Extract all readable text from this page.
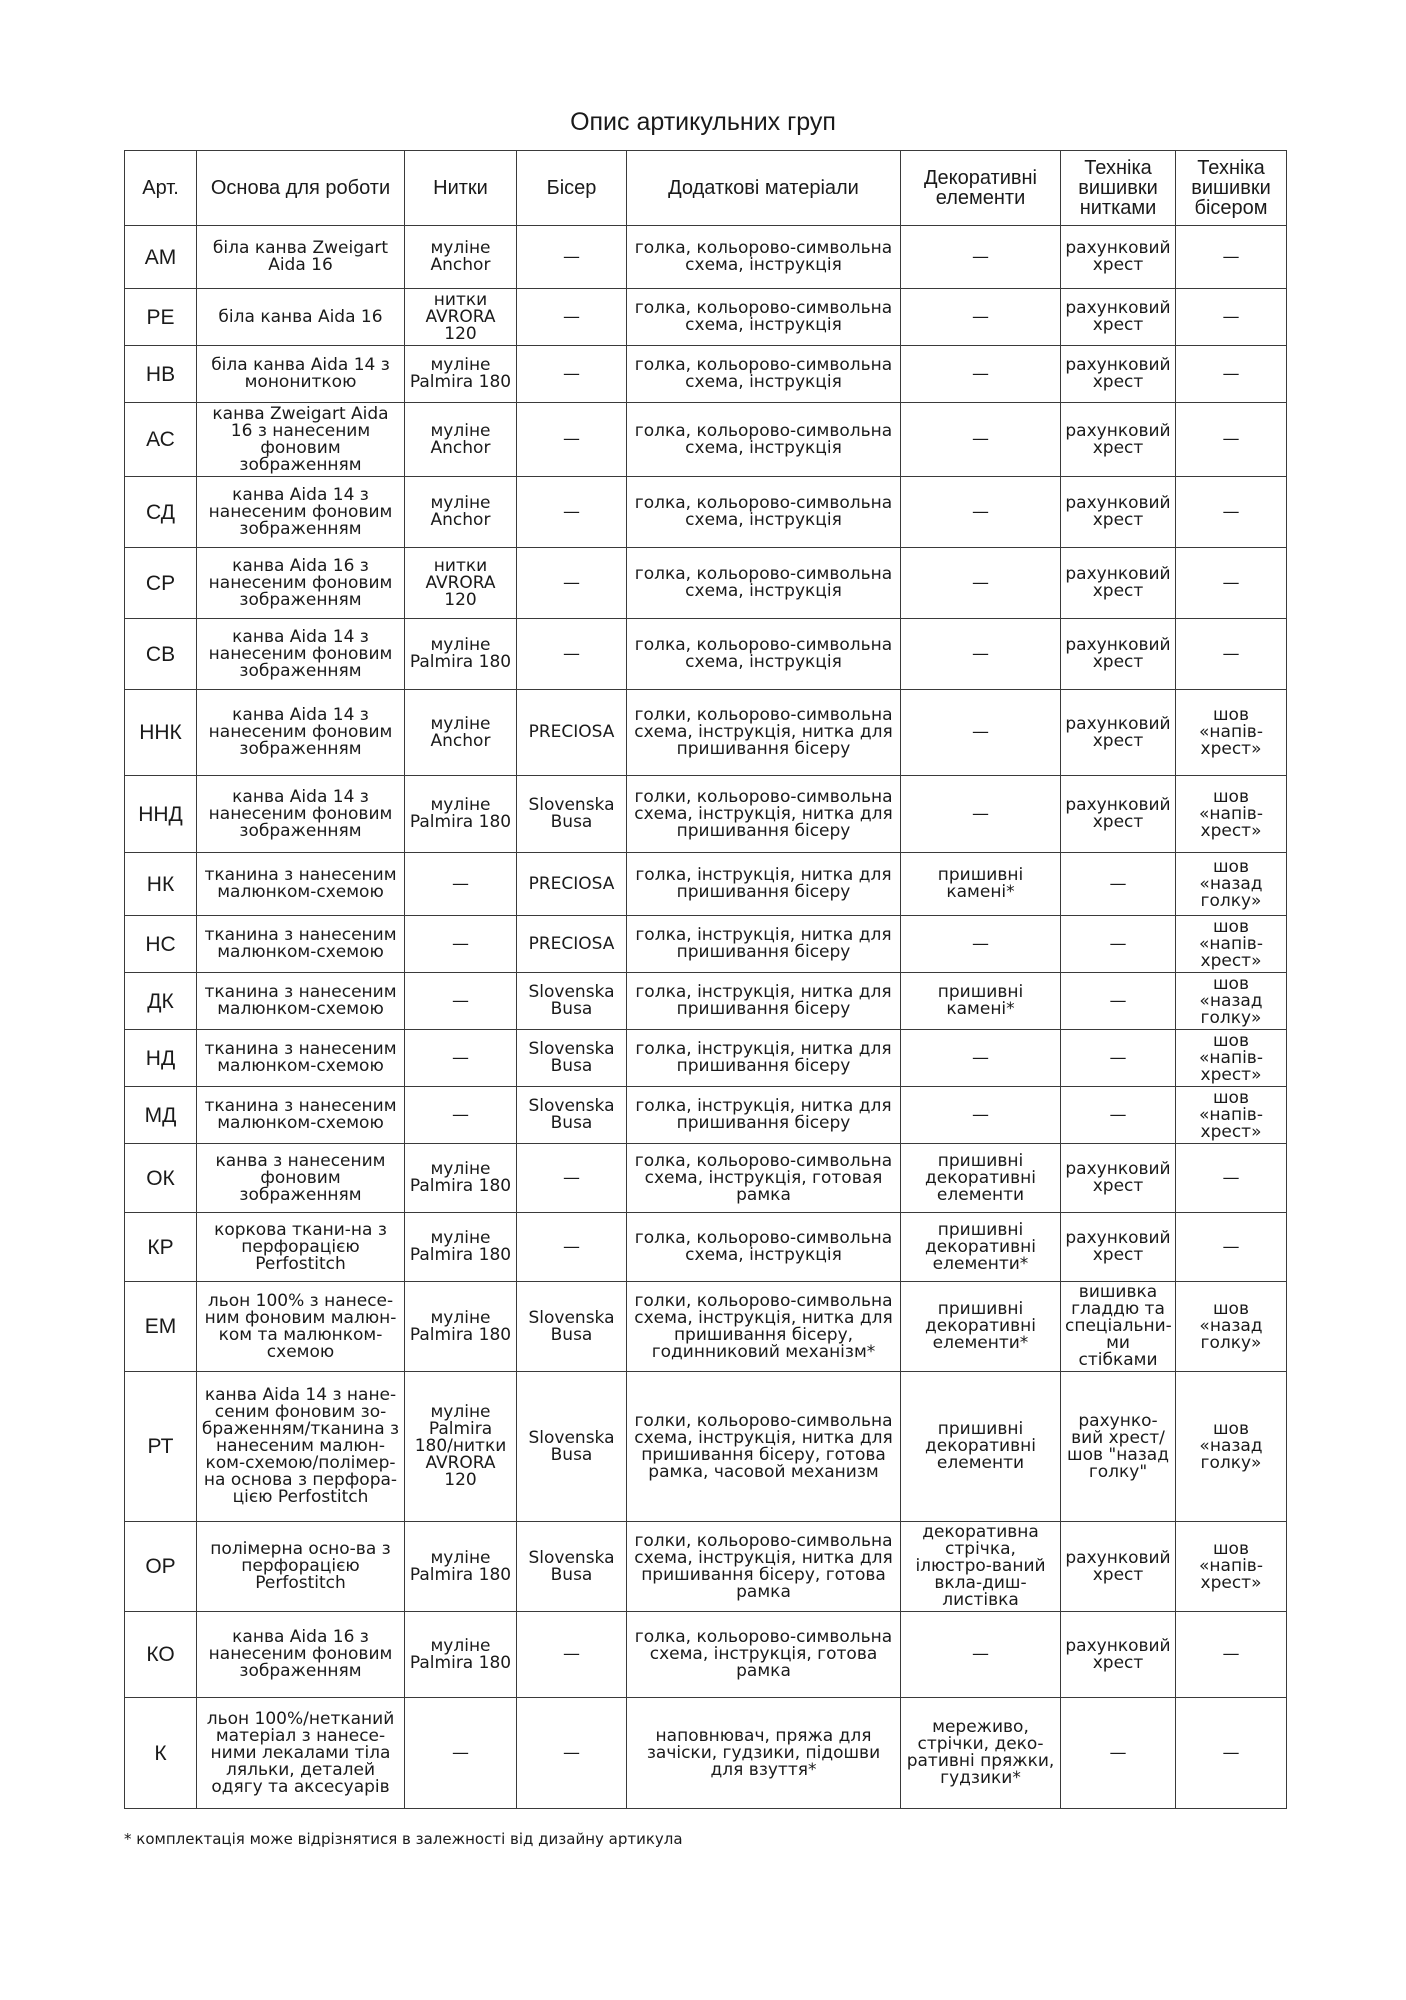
Опис артикульних груп
Арт.	Основа для роботи	Нитки	Бісер	Додаткові матеріали	Декоративні елементи	Техніка вишивки нитками	Техніка вишивки бісером
АМ	біла канва Zweigart Aida 16	муліне Anchor	—	голка, кольорово-символьна схема, інструкція	—	рахунковий хрест	—
РЕ	біла канва Aida 16	нитки AVRORA 120	—	голка, кольорово-символьна схема, інструкція	—	рахунковий хрест	—
НВ	біла канва Aida 14 з монониткою	муліне Palmira 180	—	голка, кольорово-символьна схема, інструкція	—	рахунковий хрест	—
АС	канва Zweigart Aida 16 з нанесеним фоновим зображенням	муліне Anchor	—	голка, кольорово-символьна схема, інструкція	—	рахунковий хрест	—
СД	канва Aida 14 з нанесеним фоновим зображенням	муліне Anchor	—	голка, кольорово-символьна схема, інструкція	—	рахунковий хрест	—
СР	канва Aida 16 з нанесеним фоновим зображенням	нитки AVRORA 120	—	голка, кольорово-символьна схема, інструкція	—	рахунковий хрест	—
СВ	канва Aida 14 з нанесеним фоновим зображенням	муліне Palmira 180	—	голка, кольорово-символьна схема, інструкція	—	рахунковий хрест	—
ННК	канва Aida 14 з нанесеним фоновим зображенням	муліне Anchor	PRECIOSA	голки, кольорово-символьна схема, інструкція, нитка для пришивання бісеру	—	рахунковий хрест	шов «напів-хрест»
ННД	канва Aida 14 з нанесеним фоновим зображенням	муліне Palmira 180	Slovenska Busa	голки, кольорово-символьна схема, інструкція, нитка для пришивання бісеру	—	рахунковий хрест	шов «напів-хрест»
НК	тканина з нанесеним малюнком-схемою	—	PRECIOSA	голка, інструкція, нитка для пришивання бісеру	пришивні камені*	—	шов «назад голку»
НС	тканина з нанесеним малюнком-схемою	—	PRECIOSA	голка, інструкція, нитка для пришивання бісеру	—	—	шов «напів-хрест»
ДК	тканина з нанесеним малюнком-схемою	—	Slovenska Busa	голка, інструкція, нитка для пришивання бісеру	пришивні камені*	—	шов «назад голку»
НД	тканина з нанесеним малюнком-схемою	—	Slovenska Busa	голка, інструкція, нитка для пришивання бісеру	—	—	шов «напів-хрест»
МД	тканина з нанесеним малюнком-схемою	—	Slovenska Busa	голка, інструкція, нитка для пришивання бісеру	—	—	шов «напів-хрест»
ОК	канва з нанесеним фоновим зображенням	муліне Palmira 180	—	голка, кольорово-символьна схема, інструкція, готовая рамка	пришивні декоративні елементи	рахунковий хрест	—
КР	коркова ткани-на з перфорацією Perfostitch	муліне Palmira 180	—	голка, кольорово-символьна схема, інструкція	пришивні декоративні елементи*	рахунковий хрест	—
ЕМ	льон 100% з нанесе-ним фоновим малюн-ком та малюнком-схемою	муліне Palmira 180	Slovenska Busa	голки, кольорово-символьна схема, інструкція, нитка для пришивання бісеру, годинниковий механізм*	пришивні декоративні елементи*	вишивка гладдю та спеціальни-ми стібками	шов «назад голку»
РТ	канва Aida 14 з нане-сеним фоновим зо-браженням/тканина з нанесеним малюн-ком-схемою/полімер-на основа з перфора-цією Perfostitch	муліне Palmira 180/нитки AVRORA 120	Slovenska Busa	голки, кольорово-символьна схема, інструкція, нитка для пришивання бісеру, готова рамка, часовой механизм	пришивні декоративні елементи	рахунко-вий хрест/ шов "назад голку"	шов «назад голку»
ОР	полімерна осно-ва з перфорацією Perfostitch	муліне Palmira 180	Slovenska Busa	голки, кольорово-символьна схема, інструкція, нитка для пришивання бісеру, готова рамка	декоративна стрічка, ілюстро-ваний вкла-диш-листівка	рахунковий хрест	шов «напів-хрест»
КО	канва Aida 16 з нанесеним фоновим зображенням	муліне Palmira 180	—	голка, кольорово-символьна схема, інструкція, готова рамка	—	рахунковий хрест	—
К	льон 100%/нетканий матеріал з нанесе-ними лекалами тіла ляльки, деталей одягу та аксесуарів	—	—	наповнювач, пряжа для зачіски, гудзики, підошви для взуття*	мереживо, стрічки, деко-ративні пряжки, гудзики*	—	—
* комплектація може відрізнятися в залежності від дизайну артикула
